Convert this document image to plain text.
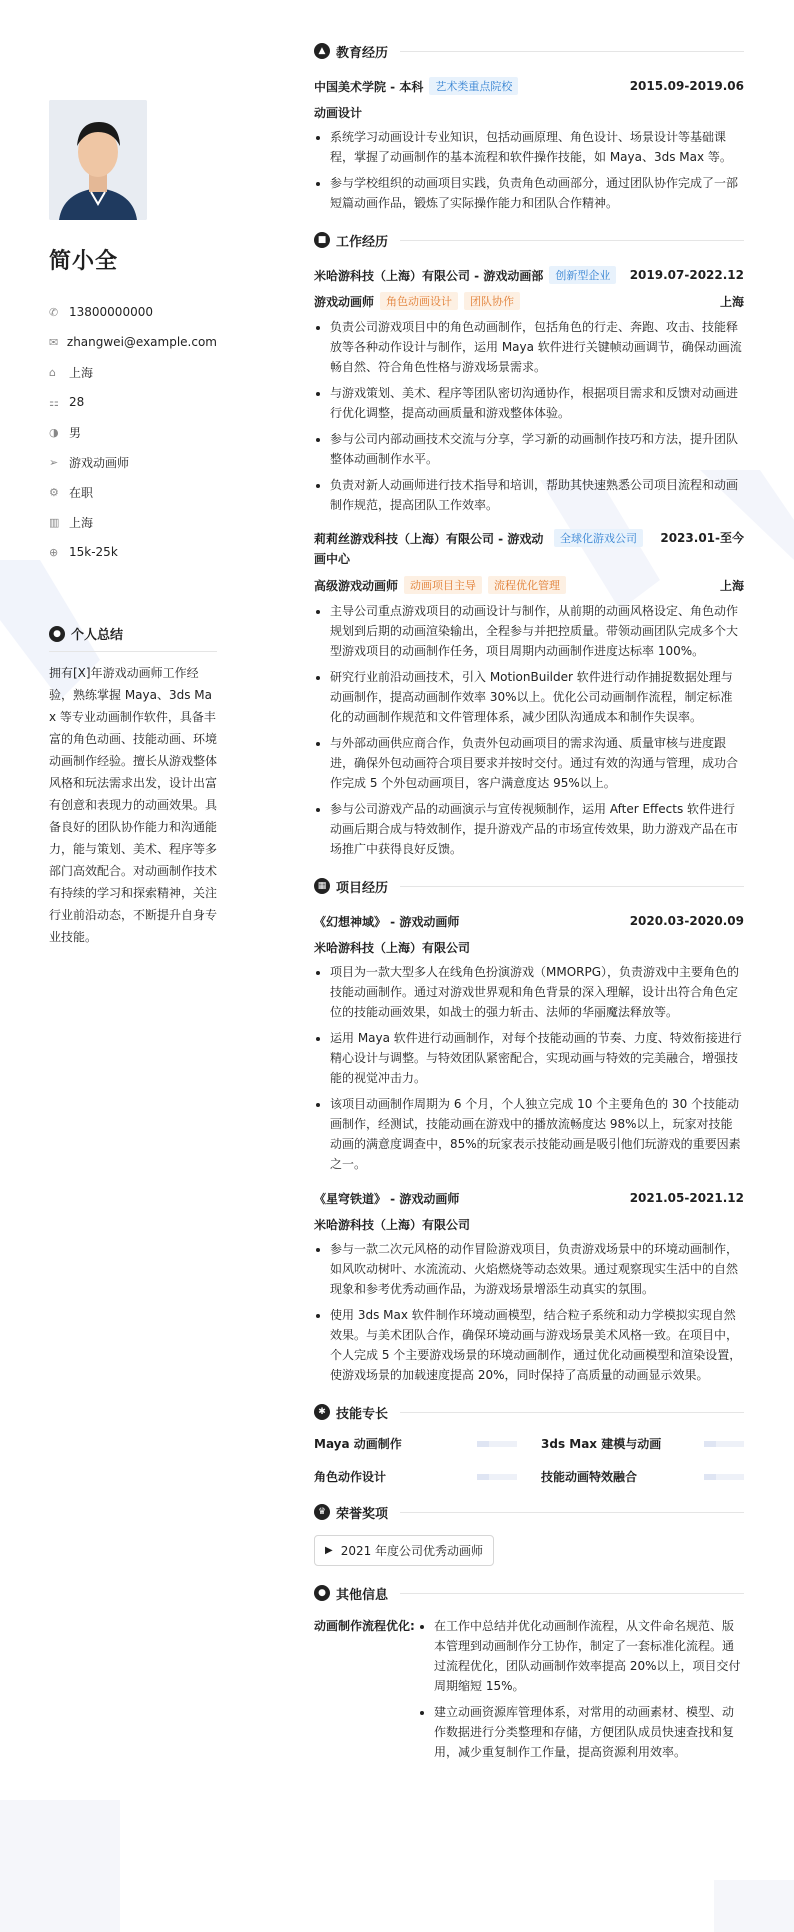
简小全
✆ 13800000000
✉ zhangwei@example.com
⌂	上海
⚏ 28
◑ 男
➢ 游戏动画师
⚙ 在职
▥ 上海
⊕ 15k-25k
● 个人总结
拥有[X]年游戏动画师工作经验，熟练掌握 Maya、3ds Max 等专业动画制作软件，具备丰富的角色动画、技能动画、环境动画制作经验。擅长从游戏整体风格和玩法需求出发，设计出富有创意和表现力的动画效果。具备良好的团队协作能力和沟通能力，能与策划、美术、程序等多部门高效配合。对动画制作技术有持续的学习和探索精神，关注行业前沿动态，不断提升自身专业技能。
▲ 教育经历
中国美术学院 - 本科	艺术类重点院校	2015.09-2019.06
动画设计
• 系统学习动画设计专业知识，包括动画原理、角色设计、场景设计等基础课程，掌握了动画制作的基本流程和软件操作技能，如 Maya、3ds Max 等。
• 参与学校组织的动画项目实践，负责角色动画部分，通过团队协作完成了一部短篇动画作品，锻炼了实际操作能力和团队合作精神。
■ 工作经历
米哈游科技（上海）有限公司 - 游戏动画部	创新型企业	2019.07-2022.12
游戏动画师	角色动画设计	团队协作	上海
• 负责公司游戏项目中的角色动画制作，包括角色的行走、奔跑、攻击、技能释放等各种动作设计与制作，运用 Maya 软件进行关键帧动画调节，确保动画流畅自然、符合角色性格与游戏场景需求。
• 与游戏策划、美术、程序等团队密切沟通协作，根据项目需求和反馈对动画进行优化调整，提高动画质量和游戏整体体验。
• 参与公司内部动画技术交流与分享，学习新的动画制作技巧和方法，提升团队整体动画制作水平。
• 负责对新人动画师进行技术指导和培训，帮助其快速熟悉公司项目流程和动画制作规范，提高团队工作效率。
莉莉丝游戏科技（上海）有限公司 - 游戏动画中心
全球化游戏公司	2023.01-至今
高级游戏动画师	动画项目主导	流程优化管理	上海
• 主导公司重点游戏项目的动画设计与制作，从前期的动画风格设定、角色动作规划到后期的动画渲染输出，全程参与并把控质量。带领动画团队完成多个大型游戏项目的动画制作任务，项目周期内动画制作进度达标率 100%。
• 研究行业前沿动画技术，引入 MotionBuilder 软件进行动作捕捉数据处理与动画制作，提高动画制作效率 30%以上。优化公司动画制作流程，制定标准化的动画制作规范和文件管理体系，减少团队沟通成本和制作失误率。
• 与外部动画供应商合作，负责外包动画项目的需求沟通、质量审核与进度跟进，确保外包动画符合项目要求并按时交付。通过有效的沟通与管理，成功合作完成 5 个外包动画项目，客户满意度达 95%以上。
• 参与公司游戏产品的动画演示与宣传视频制作，运用 After Effects 软件进行动画后期合成与特效制作，提升游戏产品的市场宣传效果，助力游戏产品在市场推广中获得良好反馈。
▦ 项目经历
《幻想神域》 - 游戏动画师	2020.03-2020.09
米哈游科技（上海）有限公司
• 项目为一款大型多人在线角色扮演游戏（MMORPG），负责游戏中主要角色的技能动画制作。通过对游戏世界观和角色背景的深入理解，设计出符合角色定位的技能动画效果，如战士的强力斩击、法师的华丽魔法释放等。
• 运用 Maya 软件进行动画制作，对每个技能动画的节奏、力度、特效衔接进行精心设计与调整。与特效团队紧密配合，实现动画与特效的完美融合，增强技能的视觉冲击力。
• 该项目动画制作周期为 6 个月，个人独立完成 10 个主要角色的 30 个技能动画制作，经测试，技能动画在游戏中的播放流畅度达 98%以上，玩家对技能动画的满意度调查中，85%的玩家表示技能动画是吸引他们玩游戏的重要因素之一。
《星穹铁道》 - 游戏动画师	2021.05-2021.12
米哈游科技（上海）有限公司
• 参与一款二次元风格的动作冒险游戏项目，负责游戏场景中的环境动画制作，如风吹动树叶、水流流动、火焰燃烧等动态效果。通过观察现实生活中的自然现象和参考优秀动画作品，为游戏场景增添生动真实的氛围。
• 使用 3ds Max 软件制作环境动画模型，结合粒子系统和动力学模拟实现自然效果。与美术团队合作，确保环境动画与游戏场景美术风格一致。在项目中，个人完成 5 个主要游戏场景的环境动画制作，通过优化动画模型和渲染设置，使游戏场景的加载速度提高 20%，同时保持了高质量的动画显示效果。
✱ 技能专长
Maya 动画制作	3ds Max 建模与动画
角色动作设计	技能动画特效融合
♛ 荣誉奖项
▶ 2021 年度公司优秀动画师
● 其他信息
动画制作流程优化:
• 在工作中总结并优化动画制作流程，从文件命名规范、版本管理到动画制作分工协作，制定了一套标准化流程。通过流程优化，团队动画制作效率提高 20%以上，项目交付周期缩短 15%。
• 建立动画资源库管理体系，对常用的动画素材、模型、动作数据进行分类整理和存储，方便团队成员快速查找和复用，减少重复制作工作量，提高资源利用效率。
